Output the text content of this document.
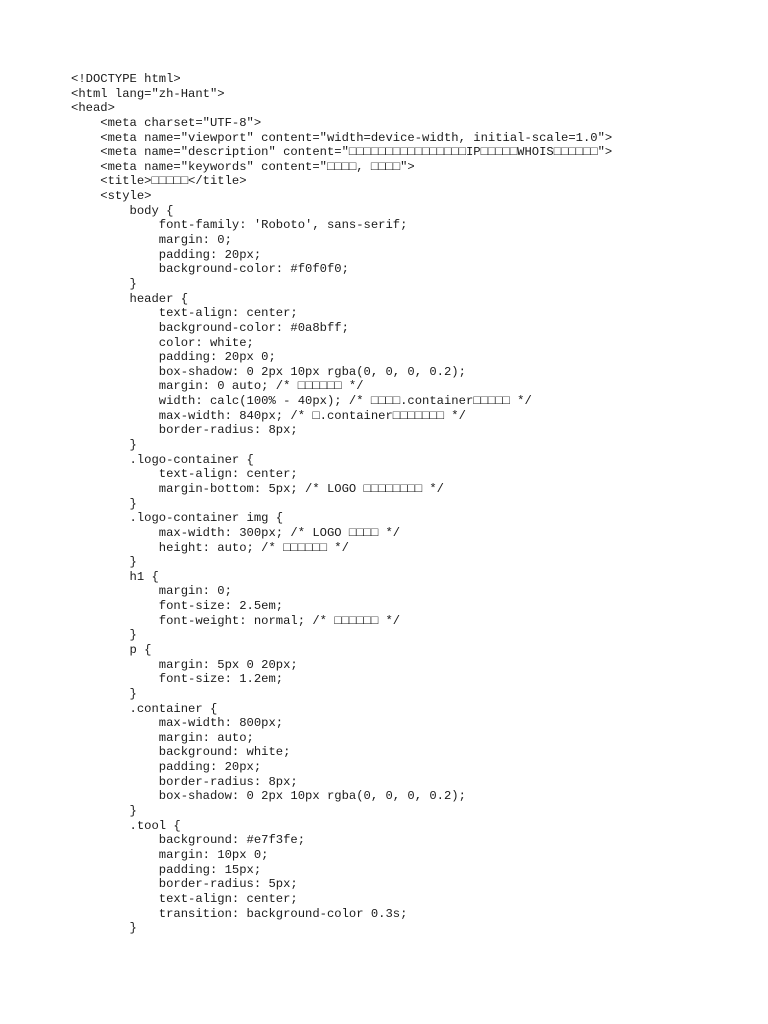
<!DOCTYPE html>
<html lang="zh-Hant">
<head>
<meta charset="UTF-8">
<meta name="viewport" content="width=device-width, initial-scale=1.0">
<meta name="description" content="□□□□□□□□□□□□□□□□IP□□□□□WHOIS□□□□□□">
<meta name="keywords" content="□□□□, □□□□">
<title>□□□□□</title>
<style>
body {
font-family: 'Roboto', sans-serif;
margin: 0;
padding: 20px;
background-color: #f0f0f0;
}
header {
text-align: center;
background-color: #0a8bff;
color: white;
padding: 20px 0;
box-shadow: 0 2px 10px rgba(0, 0, 0, 0.2);
margin: 0 auto; /* □□□□□□ */
width: calc(100% - 40px); /* □□□□.container□□□□□ */
max-width: 840px; /* □.container□□□□□□□ */
border-radius: 8px;
}
.logo-container {
text-align: center;
margin-bottom: 5px; /* LOGO □□□□□□□□ */
}
.logo-container img {
max-width: 300px; /* LOGO □□□□ */
height: auto; /* □□□□□□ */
}
h1 {
margin: 0;
font-size: 2.5em;
font-weight: normal; /* □□□□□□ */
}
p {
margin: 5px 0 20px;
font-size: 1.2em;
}
.container {
max-width: 800px;
margin: auto;
background: white;
padding: 20px;
border-radius: 8px;
box-shadow: 0 2px 10px rgba(0, 0, 0, 0.2);
}
.tool {
background: #e7f3fe;
margin: 10px 0;
padding: 15px;
border-radius: 5px;
text-align: center;
transition: background-color 0.3s;
}
